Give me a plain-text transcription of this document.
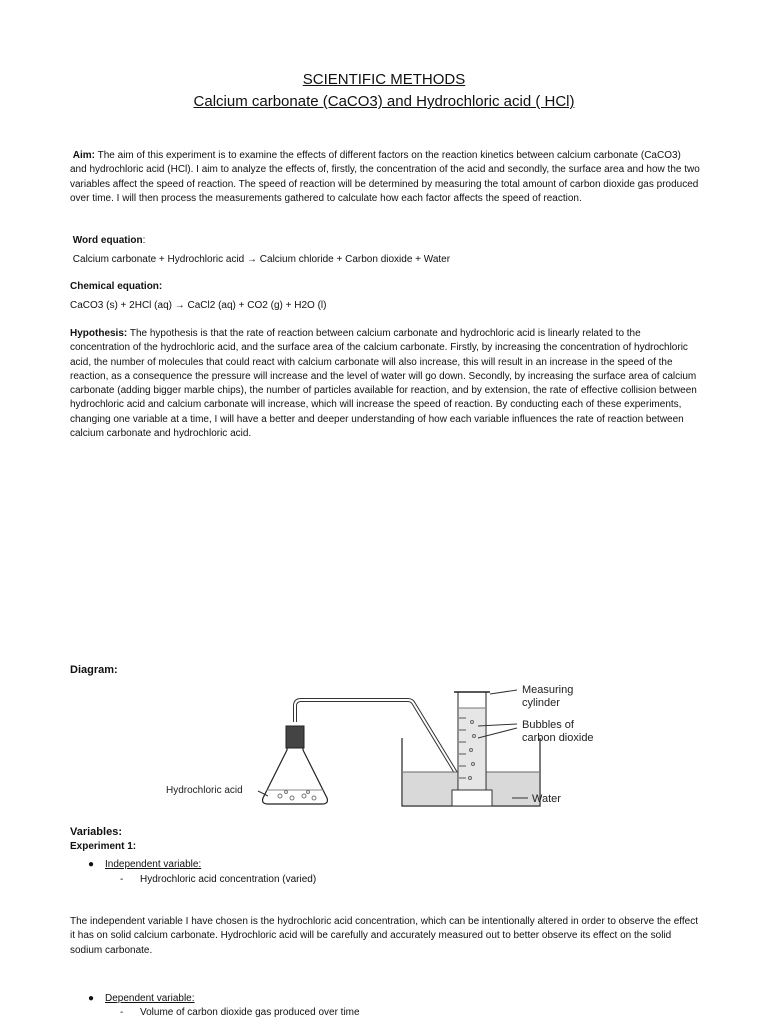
SCIENTIFIC METHODS
Calcium carbonate (CaCO3) and Hydrochloric acid ( HCl)

Aim: The aim of this experiment is to examine the effects of different factors on the reaction kinetics between calcium carbonate (CaCO3) and hydrochloric acid (HCl). I aim to analyze the effects of, firstly, the concentration of the acid and secondly, the surface area and how the two variables affect the speed of reaction. The speed of reaction will be determined by measuring the total amount of carbon dioxide gas produced over time. I will then process the measurements gathered to calculate how each factor affects the speed of reaction.

Word equation:

Calcium carbonate + Hydrochloric acid → Calcium chloride + Carbon dioxide + Water

Chemical equation:

CaCO3 (s) + 2HCl (aq) → CaCl2 (aq) + CO2 (g) + H2O (l)

Hypothesis: The hypothesis is that the rate of reaction between calcium carbonate and hydrochloric acid is linearly related to the concentration of the hydrochloric acid, and the surface area of the calcium carbonate. Firstly, by increasing the concentration of hydrochloric acid, the number of molecules that could react with calcium carbonate will also increase, this will result in an increase in the speed of the reaction, as a consequence the pressure will increase and the level of water will go down. Secondly, by increasing the surface area of calcium carbonate (adding bigger marble chips), the number of particles available for reaction, and by extension, the rate of effective collision between hydrochloric acid and calcium carbonate will increase, which will increase the speed of reaction. By conducting each of these experiments, changing one variable at a time, I will have a better and deeper understanding of how each variable influences the rate of reaction between calcium carbonate and hydrochloric acid.

Diagram:

Measuring
cylinder
Bubbles of
carbon dioxide
Hydrochloric acid
Water

Variables:

Experiment 1:

● Independent variable:

- Hydrochloric acid concentration (varied)

The independent variable I have chosen is the hydrochloric acid concentration, which can be intentionally altered in order to observe the effect it has on solid calcium carbonate. Hydrochloric acid will be carefully and accurately measured out to better observe its effect on the solid sodium carbonate.

● Dependent variable:

- Volume of carbon dioxide gas produced over time
